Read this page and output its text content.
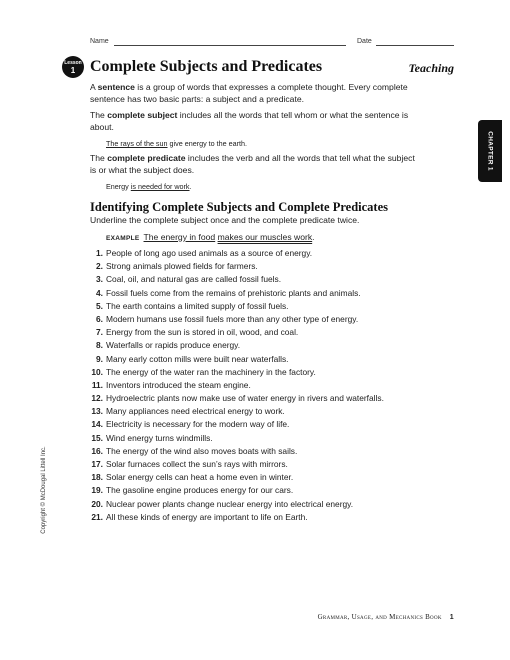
Name	Date
Lesson
1 Complete Subjects and Predicates	Teaching
A sentence is a group of words that expresses a complete thought. Every complete sentence has two basic parts: a subject and a predicate.
The complete subject includes all the words that tell whom or what the sentence is about.
The rays of the sun give energy to the earth.
The complete predicate includes the verb and all the words that tell what the subject is or what the subject does.
Energy is needed for work.
Identifying Complete Subjects and Complete Predicates
Underline the complete subject once and the complete predicate twice.
EXAMPLE The energy in food makes our muscles work.
1. People of long ago used animals as a source of energy.
2. Strong animals plowed fields for farmers.
3. Coal, oil, and natural gas are called fossil fuels.
4. Fossil fuels come from the remains of prehistoric plants and animals.
5. The earth contains a limited supply of fossil fuels.
6. Modern humans use fossil fuels more than any other type of energy.
7. Energy from the sun is stored in oil, wood, and coal.
8. Waterfalls or rapids produce energy.
9. Many early cotton mills were built near waterfalls.
10. The energy of the water ran the machinery in the factory.
11. Inventors introduced the steam engine.
12. Hydroelectric plants now make use of water energy in rivers and waterfalls.
13. Many appliances need electrical energy to work.
14. Electricity is necessary for the modern way of life.
15. Wind energy turns windmills.
16. The energy of the wind also moves boats with sails.
17. Solar furnaces collect the sun’s rays with mirrors.
18. Solar energy cells can heat a home even in winter.
19. The gasoline engine produces energy for our cars.
20. Nuclear power plants change nuclear energy into electrical energy.
21. All these kinds of energy are important to life on Earth.
CHAPTER 1
Copyright © McDougal Littell Inc.
Grammar, Usage, and Mechanics Book 1
